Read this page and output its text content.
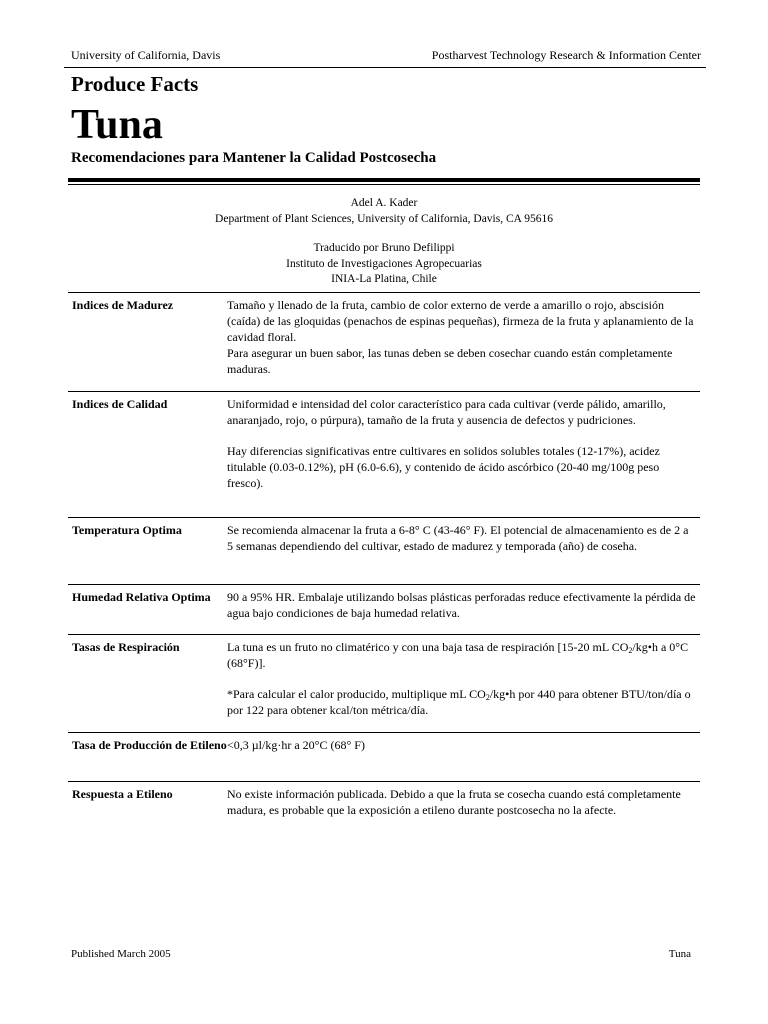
University of California, Davis	Postharvest Technology Research & Information Center
Produce Facts
Tuna
Recomendaciones para Mantener la Calidad Postcosecha
Adel A. Kader
Department of Plant Sciences, University of California, Davis, CA 95616
Traducido por Bruno Defilippi
Instituto de Investigaciones Agropecuarias
INIA-La Platina, Chile
Indices de Madurez	Tamaño y llenado de la fruta, cambio de color externo de verde a amarillo o rojo, abscisión (caída) de las gloquidas (penachos de espinas pequeñas), firmeza de la fruta y aplanamiento de la cavidad floral.

Para asegurar un buen sabor, las tunas deben se deben cosechar cuando están completamente maduras.

Indices de Calidad	Uniformidad e intensidad del color característico para cada cultivar (verde pálido, amarillo, anaranjado, rojo, o púrpura), tamaño de la fruta y ausencia de defectos y pudriciones.

Hay diferencias significativas entre cultivares en solidos solubles totales (12-17%), acidez titulable (0.03-0.12%), pH (6.0-6.6), y contenido de ácido ascórbico (20-40 mg/100g peso fresco).

Temperatura Optima	Se recomienda almacenar la fruta a 6-8° C (43-46° F). El potencial de almacenamiento es de 2 a 5 semanas dependiendo del cultivar, estado de madurez y temporada (año) de coseha.

Humedad Relativa Optima	90 a 95% HR. Embalaje utilizando bolsas plásticas perforadas reduce efectivamente la pérdida de agua bajo condiciones de baja humedad relativa.

Tasas de Respiración	La tuna es un fruto no climatérico y con una baja tasa de respiración [15-20 mL $CO_2/kg•h$ a 0°C (68°F)].

*Para calcular el calor producido, multiplique mL $CO_2/kg•h$ por 440 para obtener BTU/ton/día o por 122 para obtener kcal/ton métrica/día.

Tasa de Producción de Etileno <0,3 µl/kg·hr a 20°C (68° F)

Respuesta a Etileno	No existe información publicada. Debido a que la fruta se cosecha cuando está completamente madura, es probable que la exposición a etileno durante postcosecha no la afecte.

Published March 2005	Tuna
